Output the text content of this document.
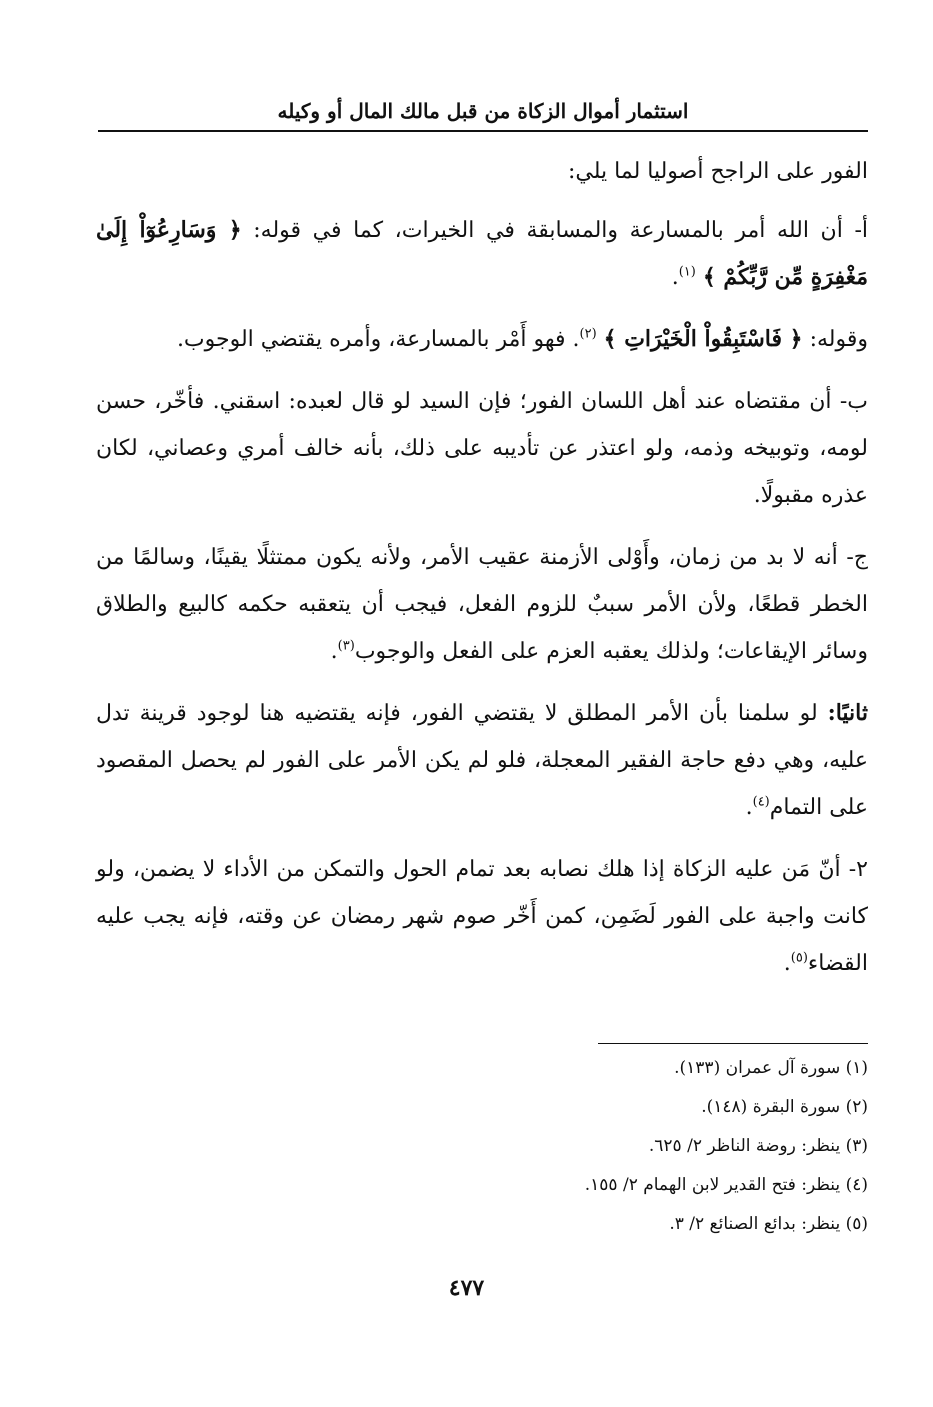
استثمار أموال الزكاة من قبل مالك المال أو وكيله

الفور على الراجح أصوليا لما يلي:

أ- أن الله أمر بالمسارعة والمسابقة في الخيرات، كما في قوله: ﴿ وَسَارِعُوٓاْ إِلَىٰ مَغْفِرَةٍ مِّن رَّبِّكُمْ ﴾ $^{(١)}$.

وقوله: ﴿ فَاسْتَبِقُواْ الْخَيْرَاتِ ﴾ $^{(٢)}$. فهو أَمْر بالمسارعة، وأمره يقتضي الوجوب.

ب- أن مقتضاه عند أهل اللسان الفور؛ فإن السيد لو قال لعبده: اسقني. فأخّر، حسن لومه، وتوبيخه وذمه، ولو اعتذر عن تأديبه على ذلك، بأنه خالف أمري وعصاني، لكان عذره مقبولًا.

ج- أنه لا بد من زمان، وأَوْلى الأزمنة عقيب الأمر، ولأنه يكون ممتثلًا يقينًا، وسالمًا من الخطر قطعًا، ولأن الأمر سببٌ للزوم الفعل، فيجب أن يتعقبه حكمه كالبيع والطلاق وسائر الإيقاعات؛ ولذلك يعقبه العزم على الفعل والوجوب$^{(٣)}$.

ثانيًا: لو سلمنا بأن الأمر المطلق لا يقتضي الفور، فإنه يقتضيه هنا لوجود قرينة تدل عليه، وهي دفع حاجة الفقير المعجلة، فلو لم يكن الأمر على الفور لم يحصل المقصود على التمام$^{(٤)}$.

٢- أنّ مَن عليه الزكاة إذا هلك نصابه بعد تمام الحول والتمكن من الأداء لا يضمن، ولو كانت واجبة على الفور لَضَمِن، كمن أَخّر صوم شهر رمضان عن وقته، فإنه يجب عليه القضاء$^{(٥)}$.

(١) سورة آل عمران (١٣٣).

(٢) سورة البقرة (١٤٨).

(٣) ينظر: روضة الناظر ٢/ ٦٢٥.

(٤) ينظر: فتح القدير لابن الهمام ٢/ ١٥٥.

(٥) ينظر: بدائع الصنائع ٢/ ٣.

٤٧٧
